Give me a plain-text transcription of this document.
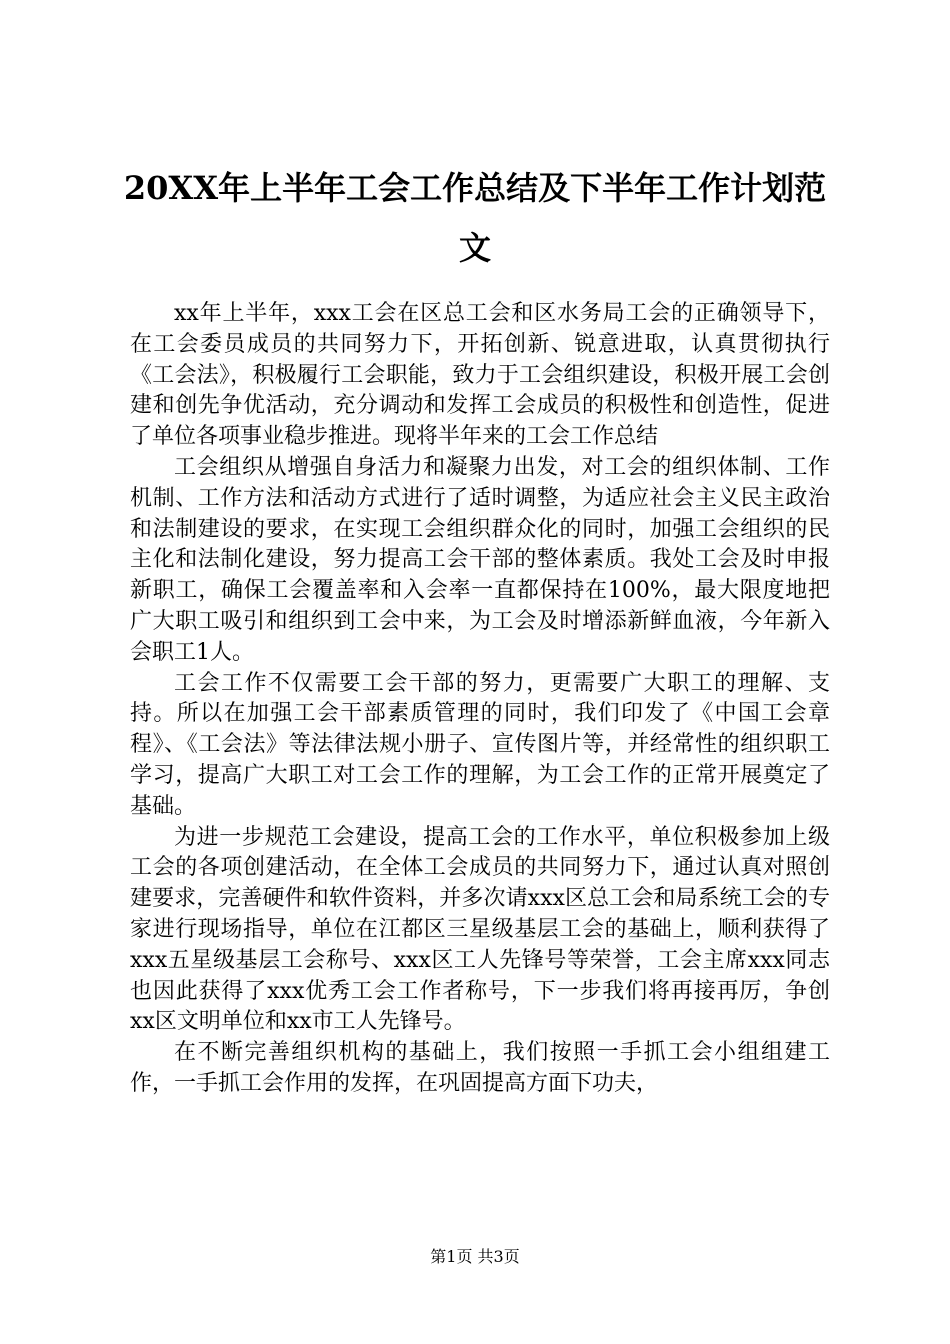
20XX年上半年工会工作总结及下半年工作计划范文

xx年上半年，xxx工会在区总工会和区水务局工会的正确领导下，在工会委员成员的共同努力下，开拓创新、锐意进取，认真贯彻执行《工会法》，积极履行工会职能，致力于工会组织建设，积极开展工会创建和创先争优活动，充分调动和发挥工会成员的积极性和创造性，促进了单位各项事业稳步推进。现将半年来的工会工作总结

工会组织从增强自身活力和凝聚力出发，对工会的组织体制、工作机制、工作方法和活动方式进行了适时调整，为适应社会主义民主政治和法制建设的要求，在实现工会组织群众化的同时，加强工会组织的民主化和法制化建设，努力提高工会干部的整体素质。我处工会及时申报新职工，确保工会覆盖率和入会率一直都保持在100%，最大限度地把广大职工吸引和组织到工会中来，为工会及时增添新鲜血液，今年新入会职工1人。

工会工作不仅需要工会干部的努力，更需要广大职工的理解、支持。所以在加强工会干部素质管理的同时，我们印发了《中国工会章程》、《工会法》等法律法规小册子、宣传图片等，并经常性的组织职工学习，提高广大职工对工会工作的理解，为工会工作的正常开展奠定了基础。

为进一步规范工会建设，提高工会的工作水平，单位积极参加上级工会的各项创建活动，在全体工会成员的共同努力下，通过认真对照创建要求，完善硬件和软件资料，并多次请xxx区总工会和局系统工会的专家进行现场指导，单位在江都区三星级基层工会的基础上，顺利获得了xxx五星级基层工会称号、xxx区工人先锋号等荣誉，工会主席xxx同志也因此获得了xxx优秀工会工作者称号，下一步我们将再接再厉，争创xx区文明单位和xx市工人先锋号。

在不断完善组织机构的基础上，我们按照一手抓工会小组组建工作，一手抓工会作用的发挥，在巩固提高方面下功夫，

第1页 共3页
